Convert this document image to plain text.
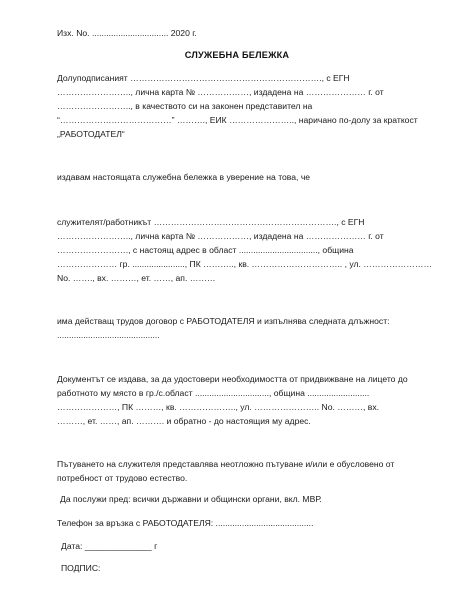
Изх. No. ................................ 2020 г.
СЛУЖЕБНА БЕЛЕЖКА
Долуподписаният …………………………………………………………., с ЕГН
…………………….., лична карта № ………………, издадена на ………………… г. от
…………………….., в качеството си на законен представител на
“…………………………………” ………., ЕИК ………………….., наричано по-долу за краткост
„РАБОТОДАТЕЛ“
издавам настоящата служебна бележка в уверение на това, че
служителят/работникът ………………………………………………………., с ЕГН
…………………….., лична карта № ………………, издадена на ………………… г. от
……………………., с настоящ адрес в област ................................., община
………………… гр. ......................, ПК ……….., кв. ………………………….. , ул. ……………………
No. ……., вх. ………, ет. ……, ап. ………
има действащ трудов договор с РАБОТОДАТЕЛЯ и изпълнява следната длъжност:
...........................................
Документът се издава, за да удостовери необходимостта от придвижване на лицето до
работното му място в гр./с.област ..............................., община ..........................
…………………, ПК ………, кв. ……………….., ул. ………………….. No. ………, вх.
………, ет. ……, ап. ………. и обратно - до настоящия му адрес.
Пътуването на служителя представлява неотложно пътуване и/или е обусловено от
потребност от трудово естество.
Да послужи пред: всички държавни и общински органи, вкл. МВР.
Телефон за връзка с РАБОТОДАТЕЛЯ: .........................................
Дата: ______________ г
ПОДПИС:
